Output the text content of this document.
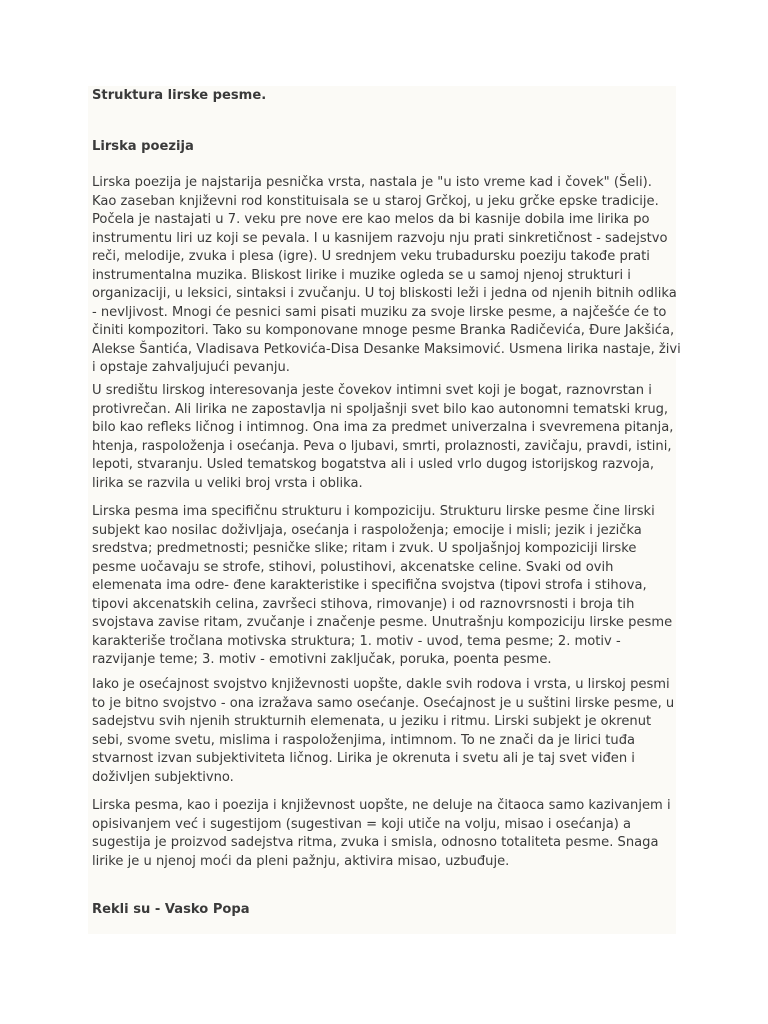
Struktura lirske pesme.
Lirska poezija

Lirska poezija je najstarija pesnička vrsta, nastala je "u isto vreme kad i čovek" (Šeli).
Kao zaseban književni rod konstituisala se u staroj Grčkoj, u jeku grčke epske tradicije.
Počela je nastajati u 7. veku pre nove ere kao melos da bi kasnije dobila ime lirika po
instrumentu liri uz koji se pevala. I u kasnijem razvoju nju prati sinkretičnost - sadejstvo
reči, melodije, zvuka i plesa (igre). U srednjem veku trubadursku poeziju takođe prati
instrumentalna muzika. Bliskost lirike i muzike ogleda se u samoj njenoj strukturi i
organizaciji, u leksici, sintaksi i zvučanju. U toj bliskosti leži i jedna od njenih bitnih odlika
- nevljivost. Mnogi će pesnici sami pisati muziku za svoje lirske pesme, a najčešće će to
činiti kompozitori. Tako su komponovane mnoge pesme Branka Radičevića, Đure Jakšića,
Alekse Šantića, Vladisava Petkovića-Disa Desanke Maksimović. Usmena lirika nastaje, živi
i opstaje zahvaljujući pevanju.

U središtu lirskog interesovanja jeste čovekov intimni svet koji je bogat, raznovrstan i
protivrečan. Ali lirika ne zapostavlja ni spoljašnji svet bilo kao autonomni tematski krug,
bilo kao refleks ličnog i intimnog. Ona ima za predmet univerzalna i svevremena pitanja,
htenja, raspoloženja i osećanja. Peva o ljubavi, smrti, prolaznosti, zavičaju, pravdi, istini,
lepoti, stvaranju. Usled tematskog bogatstva ali i usled vrlo dugog istorijskog razvoja,
lirika se razvila u veliki broj vrsta i oblika.

Lirska pesma ima specifičnu strukturu i kompoziciju. Strukturu lirske pesme čine lirski
subjekt kao nosilac doživljaja, osećanja i raspoloženja; emocije i misli; jezik i jezička
sredstva; predmetnosti; pesničke slike; ritam i zvuk. U spoljašnjoj kompoziciji lirske
pesme uočavaju se strofe, stihovi, polustihovi, akcenatske celine. Svaki od ovih
elemenata ima odre- đene karakteristike i specifična svojstva (tipovi strofa i stihova,
tipovi akcenatskih celina, završeci stihova, rimovanje) i od raznovrsnosti i broja tih
svojstava zavise ritam, zvučanje i značenje pesme. Unutrašnju kompoziciju lirske pesme
karakteriše tročlana motivska struktura; 1. motiv - uvod, tema pesme; 2. motiv -
razvijanje teme; 3. motiv - emotivni zaključak, poruka, poenta pesme.

Iako je osećajnost svojstvo književnosti uopšte, dakle svih rodova i vrsta, u lirskoj pesmi
to je bitno svojstvo - ona izražava samo osećanje. Osećajnost je u suštini lirske pesme, u
sadejstvu svih njenih strukturnih elemenata, u jeziku i ritmu. Lirski subjekt je okrenut
sebi, svome svetu, mislima i raspoloženjima, intimnom. To ne znači da je lirici tuđa
stvarnost izvan subjektiviteta ličnog. Lirika je okrenuta i svetu ali je taj svet viđen i
doživljen subjektivno.

Lirska pesma, kao i poezija i književnost uopšte, ne deluje na čitaoca samo kazivanjem i
opisivanjem već i sugestijom (sugestivan = koji utiče na volju, misao i osećanja) a
sugestija je proizvod sadejstva ritma, zvuka i smisla, odnosno totaliteta pesme. Snaga
lirike je u njenoj moći da pleni pažnju, aktivira misao, uzbuđuje.

Rekli su - Vasko Popa
